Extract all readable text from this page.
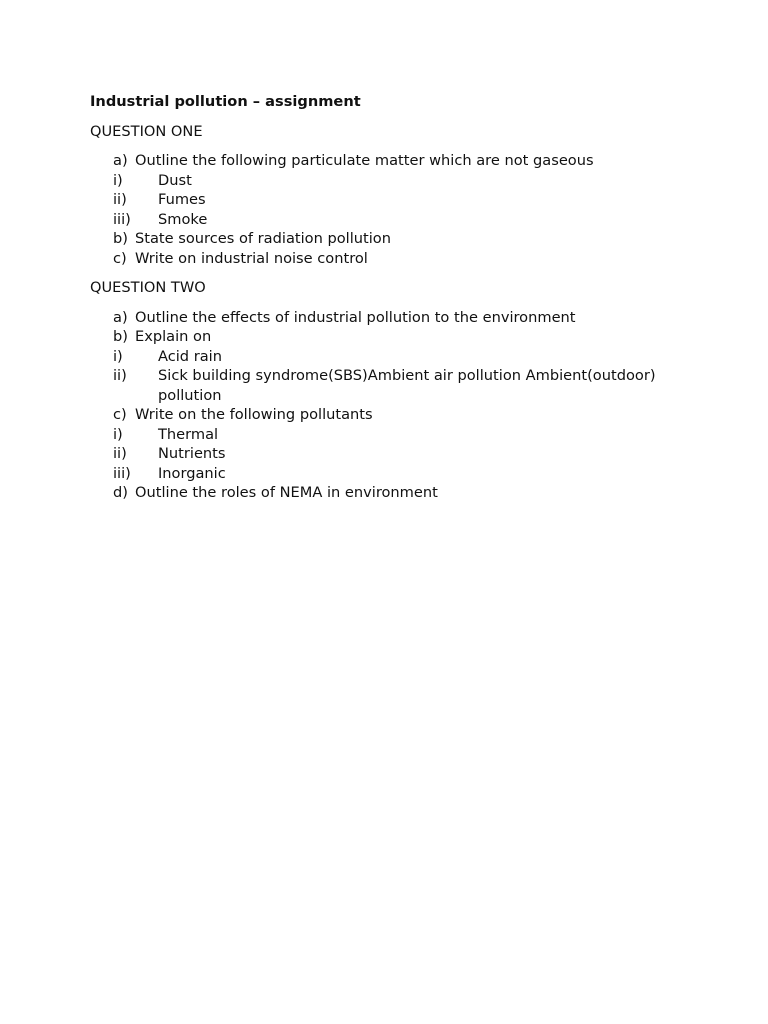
Industrial pollution – assignment
QUESTION ONE
a) Outline the following particulate matter which are not gaseous
i)	Dust
ii)	Fumes
iii)	Smoke
b) State sources of radiation pollution
c) Write on industrial noise control
QUESTION TWO
a) Outline the effects of industrial pollution to the environment
b) Explain on
i)	Acid rain
ii)	Sick building syndrome(SBS)Ambient air pollution Ambient(outdoor) pollution
c) Write on the following pollutants
i)	Thermal
ii)	Nutrients
iii)	Inorganic
d) Outline the roles of NEMA in environment
